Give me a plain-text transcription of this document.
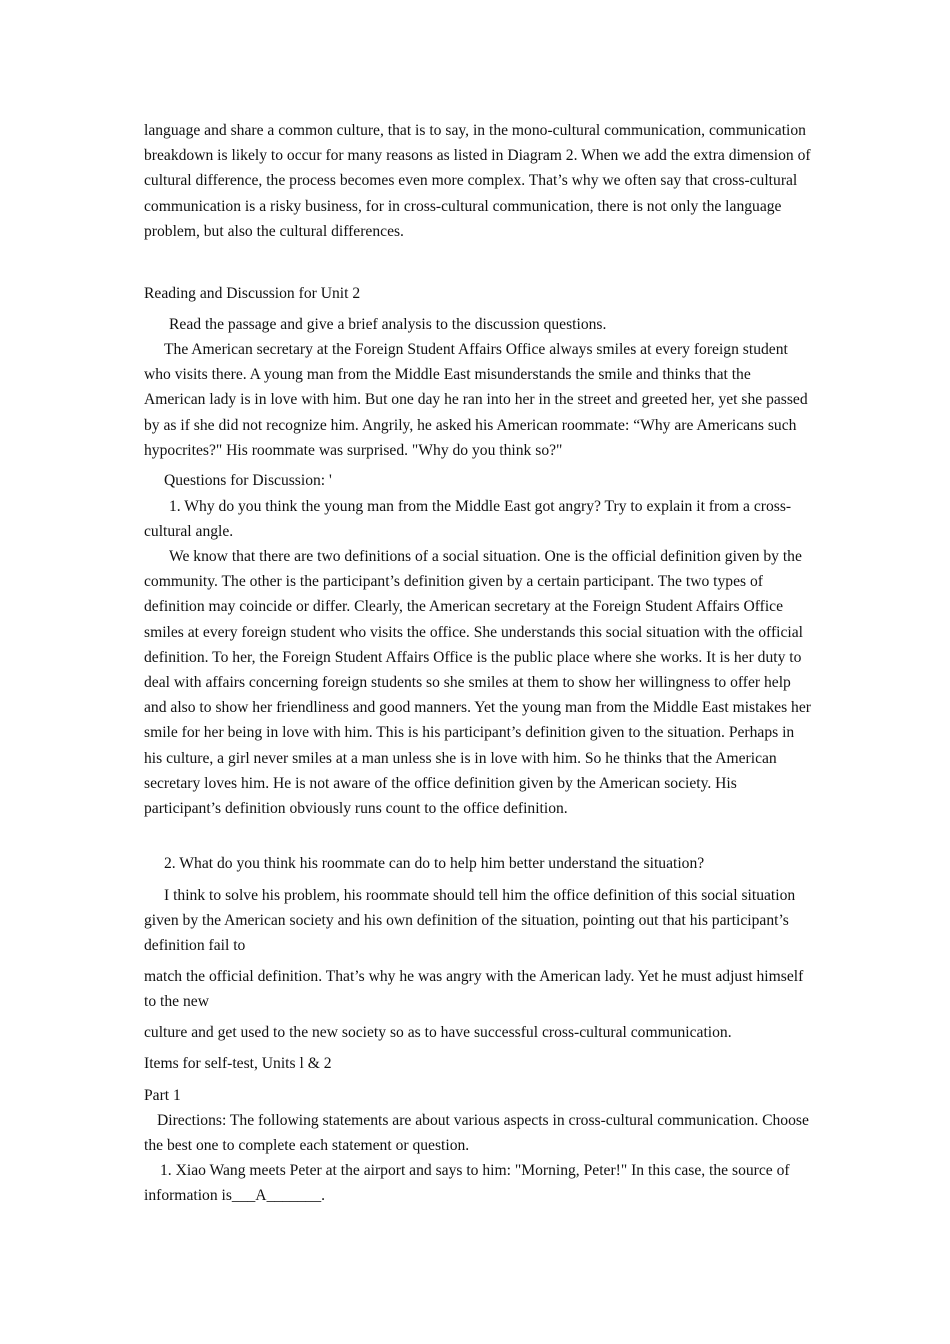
language and share a common culture, that is to say, in the mono-cultural communication, communication breakdown is likely to occur for many reasons as listed in Diagram 2. When we add the extra dimension of cultural difference, the process becomes even more complex. That’s why we often say that cross-cultural communication is a risky business, for in cross-cultural communication, there is not only the language problem, but also the cultural differences.

Reading and Discussion for Unit 2

Read the passage and give a brief analysis to the discussion questions.

The American secretary at the Foreign Student Affairs Office always smiles at every foreign student who visits there. A young man from the Middle East misunderstands the smile and thinks that the American lady is in love with him. But one day he ran into her in the street and greeted her, yet she passed by as if she did not recognize him. Angrily, he asked his American roommate: “Why are Americans such hypocrites?" His roommate was surprised. "Why do you think so?"

Questions for Discussion: '

1. Why do you think the young man from the Middle East got angry? Try to explain it from a cross-cultural angle.

We know that there are two definitions of a social situation. One is the official definition given by the community. The other is the participant’s definition given by a certain participant. The two types of definition may coincide or differ. Clearly, the American secretary at the Foreign Student Affairs Office smiles at every foreign student who visits the office. She understands this social situation with the official definition. To her, the Foreign Student Affairs Office is the public place where she works. It is her duty to deal with affairs concerning foreign students so she smiles at them to show her willingness to offer help and also to show her friendliness and good manners. Yet the young man from the Middle East mistakes her smile for her being in love with him. This is his participant’s definition given to the situation. Perhaps in his culture, a girl never smiles at a man unless she is in love with him. So he thinks that the American secretary loves him. He is not aware of the office definition given by the American society. His participant’s definition obviously runs count to the office definition.

2. What do you think his roommate can do to help him better understand the situation?

I think to solve his problem, his roommate should tell him the office definition of this social situation given by the American society and his own definition of the situation, pointing out that his participant’s definition fail to

match the official definition. That’s why he was angry with the American lady. Yet he must adjust himself to the new

culture and get used to the new society so as to have successful cross-cultural communication.

Items for self-test, Units l & 2

Part 1

Directions: The following statements are about various aspects in cross-cultural communication. Choose the best one to complete each statement or question.

1. Xiao Wang meets Peter at the airport and says to him: "Morning, Peter!" In this case, the source of information is___A_______.
